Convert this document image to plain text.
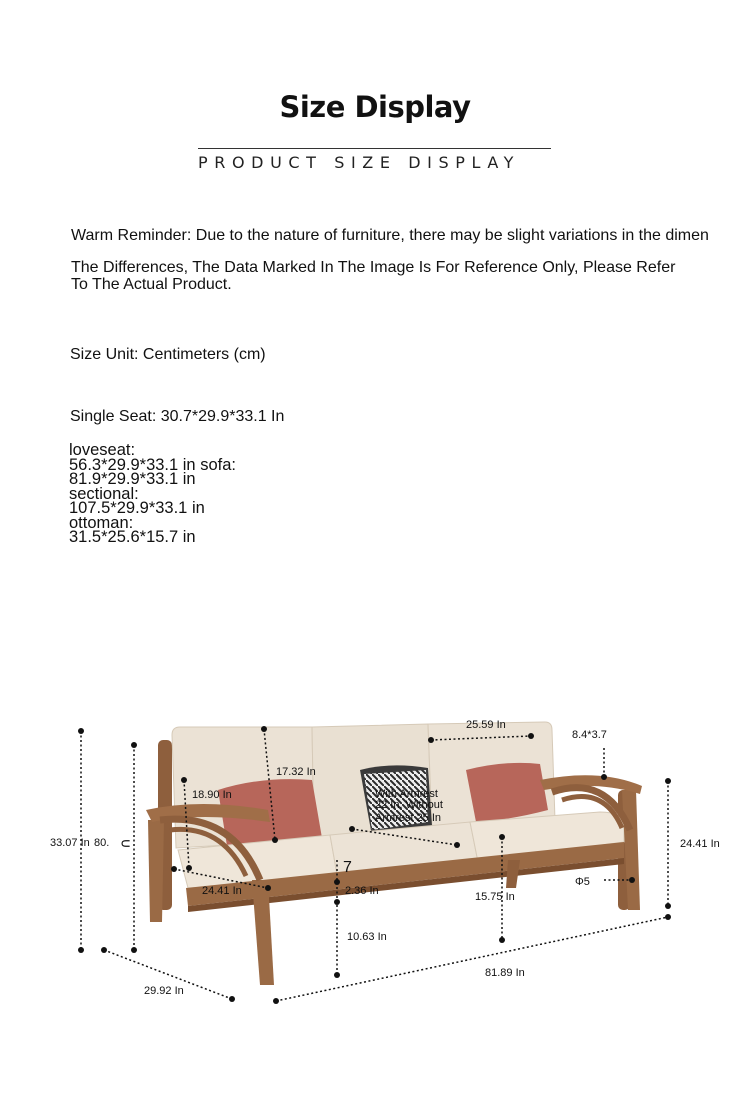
Size Display
PRODUCT SIZE DISPLAY
Warm Reminder: Due to the nature of furniture, there may be slight variations in the dimen
The Differences, The Data Marked In The Image Is For Reference Only, Please Refer
To The Actual Product.
Size Unit: Centimeters (cm)
Single Seat: 30.7*29.9*33.1 In
loveseat:
56.3*29.9*33.1 in sofa:
81.9*29.9*33.1 in
sectional:
107.5*29.9*33.1 in
ottoman:
31.5*25.6*15.7 in
25.59 In
8.4*3.7
17.32 In
18.90 In	With Armrest
22 In, Without
Armrest 25 In
33.07 In 80. ∪	24.41 In
7
Φ5
24.41 In	2.36 In	15.75 In
10.63 In
81.89 In
29.92 In
